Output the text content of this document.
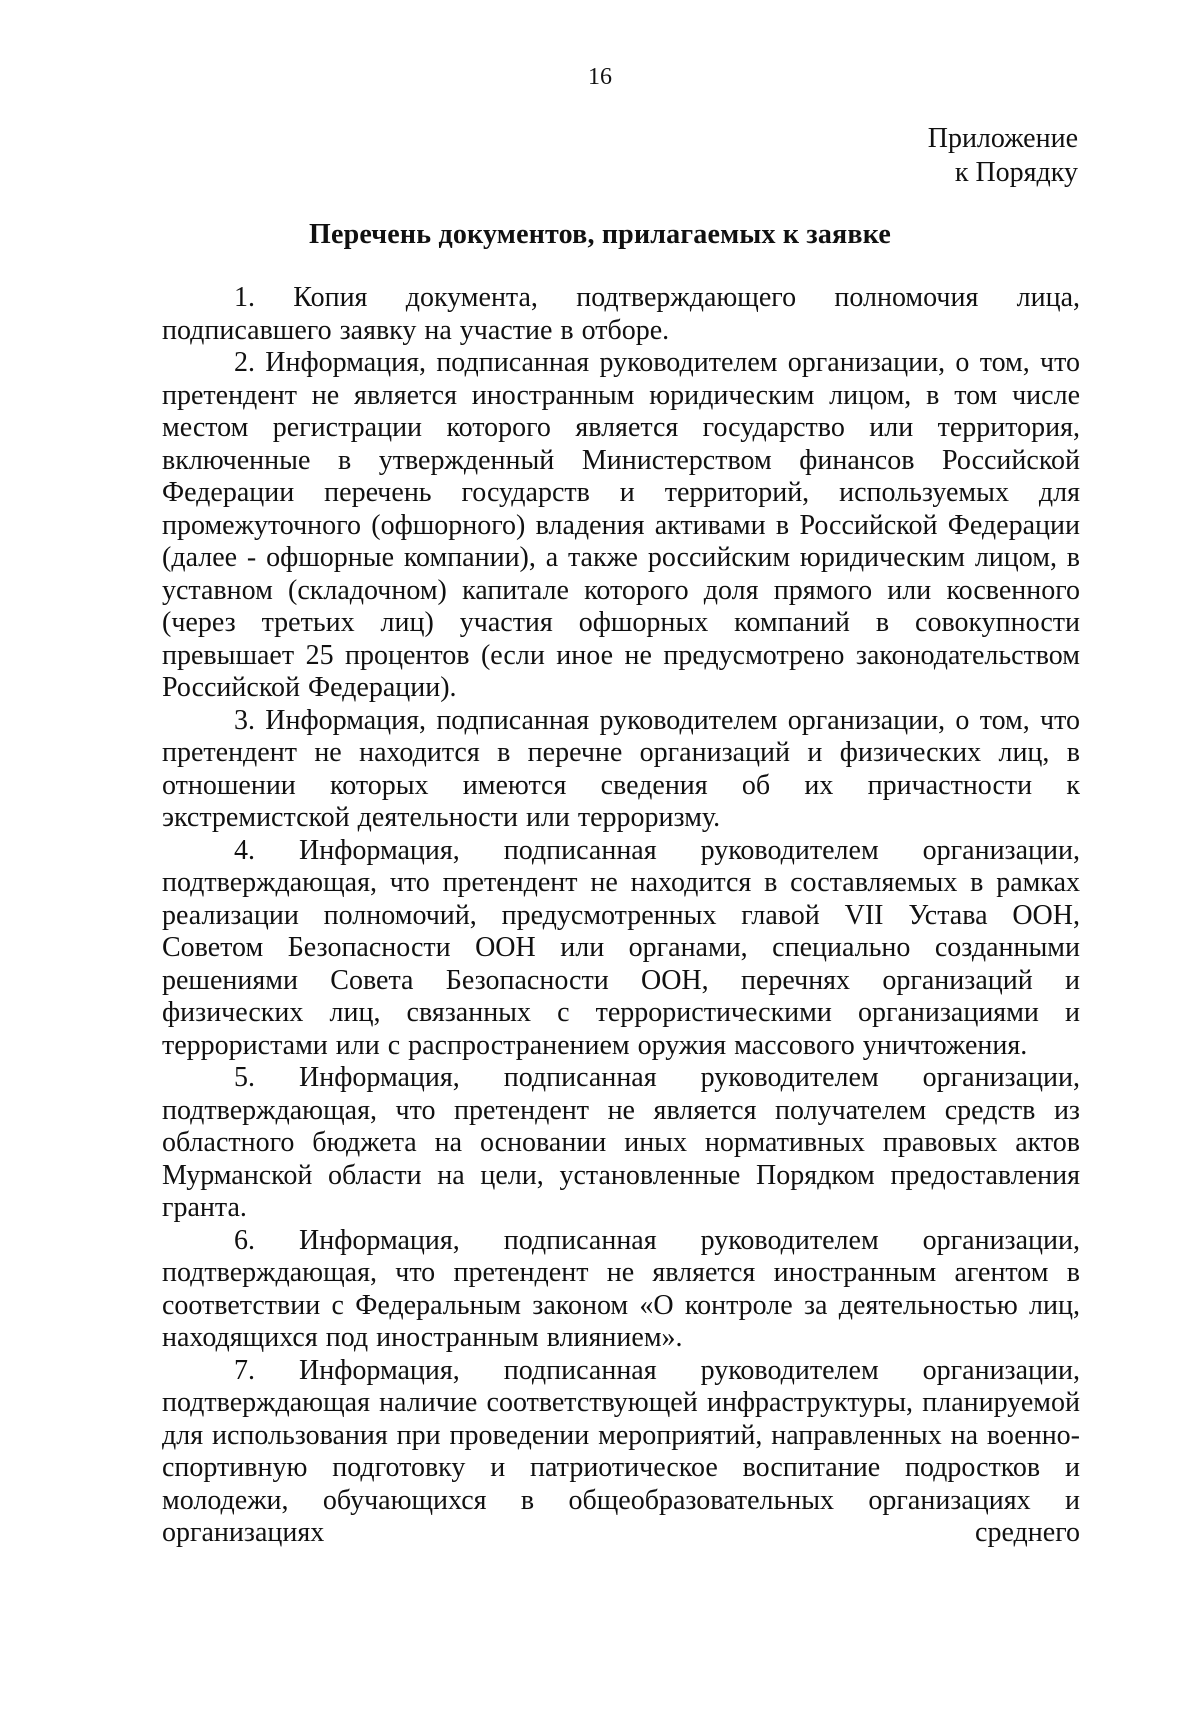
16
Приложение
к Порядку
Перечень документов, прилагаемых к заявке

1. Копия документа, подтверждающего полномочия лица, подписавшего заявку на участие в отборе.

2. Информация, подписанная руководителем организации, о том, что претендент не является иностранным юридическим лицом, в том числе местом регистрации которого является государство или территория, включенные в утвержденный Министерством финансов Российской Федерации перечень государств и территорий, используемых для промежуточного (офшорного) владения активами в Российской Федерации (далее - офшорные компании), а также российским юридическим лицом, в уставном (складочном) капитале которого доля прямого или косвенного (через третьих лиц) участия офшорных компаний в совокупности превышает 25 процентов (если иное не предусмотрено законодательством Российской Федерации).

3. Информация, подписанная руководителем организации, о том, что претендент не находится в перечне организаций и физических лиц, в отношении которых имеются сведения об их причастности к экстремистской деятельности или терроризму.

4. Информация, подписанная руководителем организации, подтверждающая, что претендент не находится в составляемых в рамках реализации полномочий, предусмотренных главой VII Устава ООН, Советом Безопасности ООН или органами, специально созданными решениями Совета Безопасности ООН, перечнях организаций и физических лиц, связанных с террористическими организациями и террористами или с распространением оружия массового уничтожения.

5. Информация, подписанная руководителем организации, подтверждающая, что претендент не является получателем средств из областного бюджета на основании иных нормативных правовых актов Мурманской области на цели, установленные Порядком предоставления гранта.

6. Информация, подписанная руководителем организации, подтверждающая, что претендент не является иностранным агентом в соответствии с Федеральным законом «О контроле за деятельностью лиц, находящихся под иностранным влиянием».

7. Информация, подписанная руководителем организации, подтверждающая наличие соответствующей инфраструктуры, планируемой для использования при проведении мероприятий, направленных на военно-спортивную подготовку и патриотическое воспитание подростков и молодежи, обучающихся в общеобразовательных организациях и организациях среднего
